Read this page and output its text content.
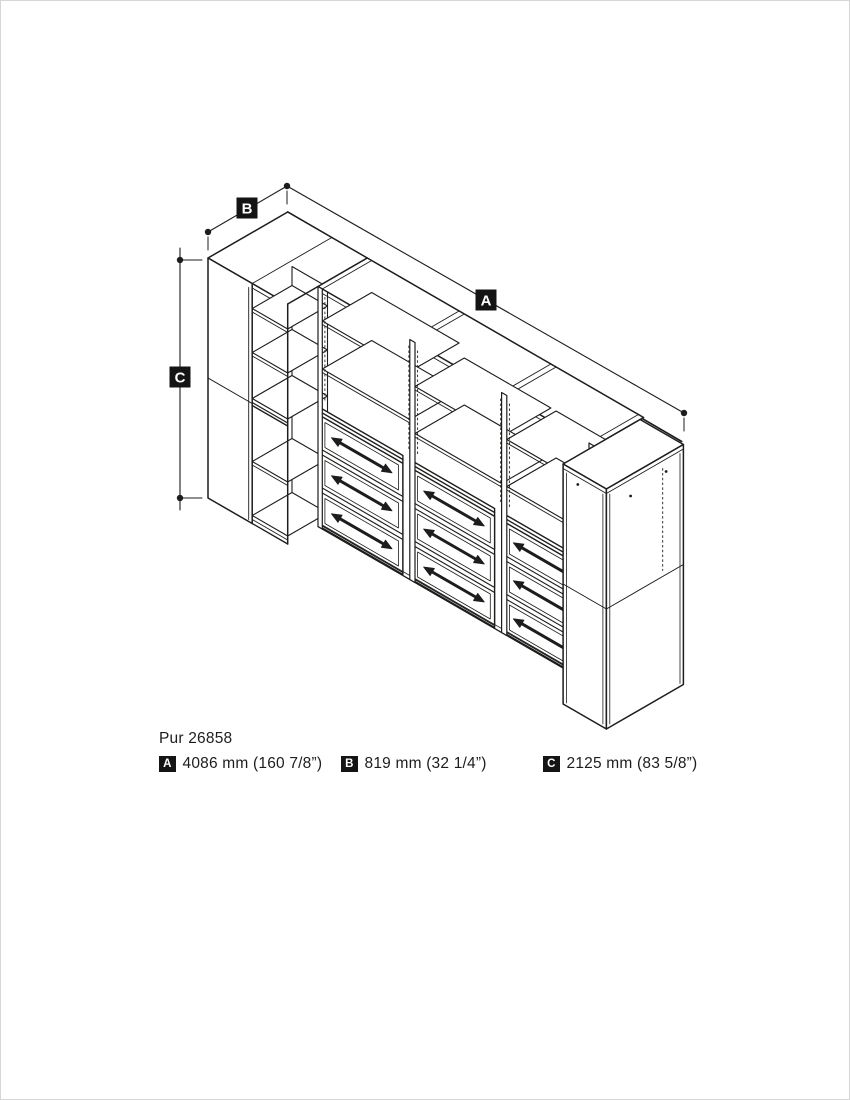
A
B
C
Pur 26858
A 4086 mm (160 7/8”)	B 819 mm (32 1/4”)	C 2125 mm (83 5/8”)
